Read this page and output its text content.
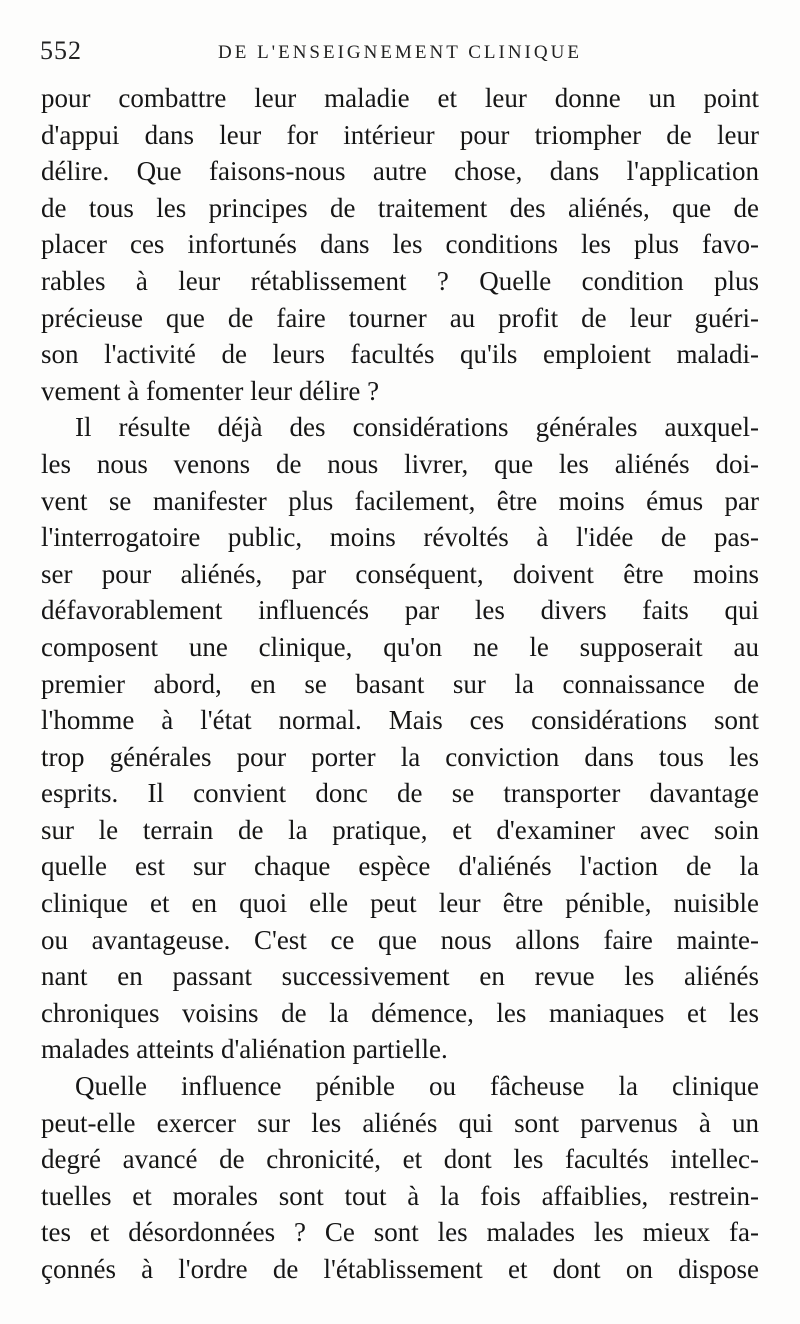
552	DE L'ENSEIGNEMENT CLINIQUE
pour combattre leur maladie et leur donne un point
d'appui dans leur for intérieur pour triompher de leur
délire. Que faisons-nous autre chose, dans l'application
de tous les principes de traitement des aliénés, que de
placer ces infortunés dans les conditions les plus favo-
rables à leur rétablissement ? Quelle condition plus
précieuse que de faire tourner au profit de leur guéri-
son l'activité de leurs facultés qu'ils emploient maladi-
vement à fomenter leur délire ?
Il résulte déjà des considérations générales auxquel-
les nous venons de nous livrer, que les aliénés doi-
vent se manifester plus facilement, être moins émus par
l'interrogatoire public, moins révoltés à l'idée de pas-
ser pour aliénés, par conséquent, doivent être moins
défavorablement influencés par les divers faits qui
composent une clinique, qu'on ne le supposerait au
premier abord, en se basant sur la connaissance de
l'homme à l'état normal. Mais ces considérations sont
trop générales pour porter la conviction dans tous les
esprits. Il convient donc de se transporter davantage
sur le terrain de la pratique, et d'examiner avec soin
quelle est sur chaque espèce d'aliénés l'action de la
clinique et en quoi elle peut leur être pénible, nuisible
ou avantageuse. C'est ce que nous allons faire mainte-
nant en passant successivement en revue les aliénés
chroniques voisins de la démence, les maniaques et les
malades atteints d'aliénation partielle.
Quelle influence pénible ou fâcheuse la clinique
peut-elle exercer sur les aliénés qui sont parvenus à un
degré avancé de chronicité, et dont les facultés intellec-
tuelles et morales sont tout à la fois affaiblies, restrein-
tes et désordonnées ? Ce sont les malades les mieux fa-
çonnés à l'ordre de l'établissement et dont on dispose
